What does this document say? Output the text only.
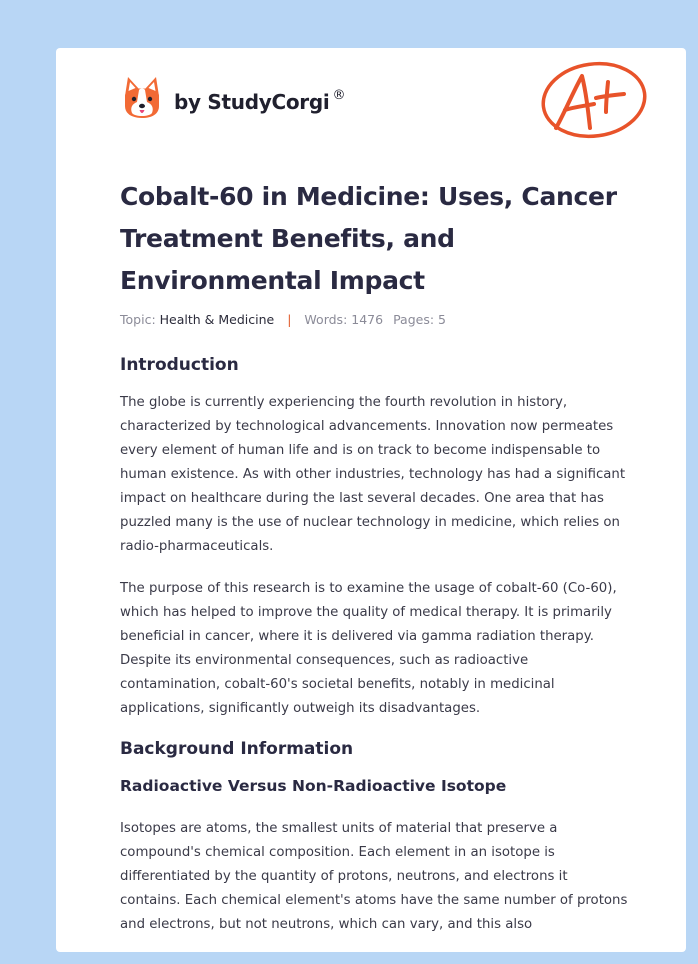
by StudyCorgi ®
Cobalt-60 in Medicine: Uses, Cancer Treatment Benefits, and Environmental Impact
Topic: Health & Medicine | Words: 1476 Pages: 5
Introduction

The globe is currently experiencing the fourth revolution in history, characterized by technological advancements. Innovation now permeates every element of human life and is on track to become indispensable to human existence. As with other industries, technology has had a significant impact on healthcare during the last several decades. One area that has puzzled many is the use of nuclear technology in medicine, which relies on radio-pharmaceuticals.

The purpose of this research is to examine the usage of cobalt-60 (Co-60), which has helped to improve the quality of medical therapy. It is primarily beneficial in cancer, where it is delivered via gamma radiation therapy. Despite its environmental consequences, such as radioactive contamination, cobalt-60's societal benefits, notably in medicinal applications, significantly outweigh its disadvantages.

Background Information
Radioactive Versus Non-Radioactive Isotope

Isotopes are atoms, the smallest units of material that preserve a compound's chemical composition. Each element in an isotope is differentiated by the quantity of protons, neutrons, and electrons it contains. Each chemical element's atoms have the same number of protons and electrons, but not neutrons, which can vary, and this also
